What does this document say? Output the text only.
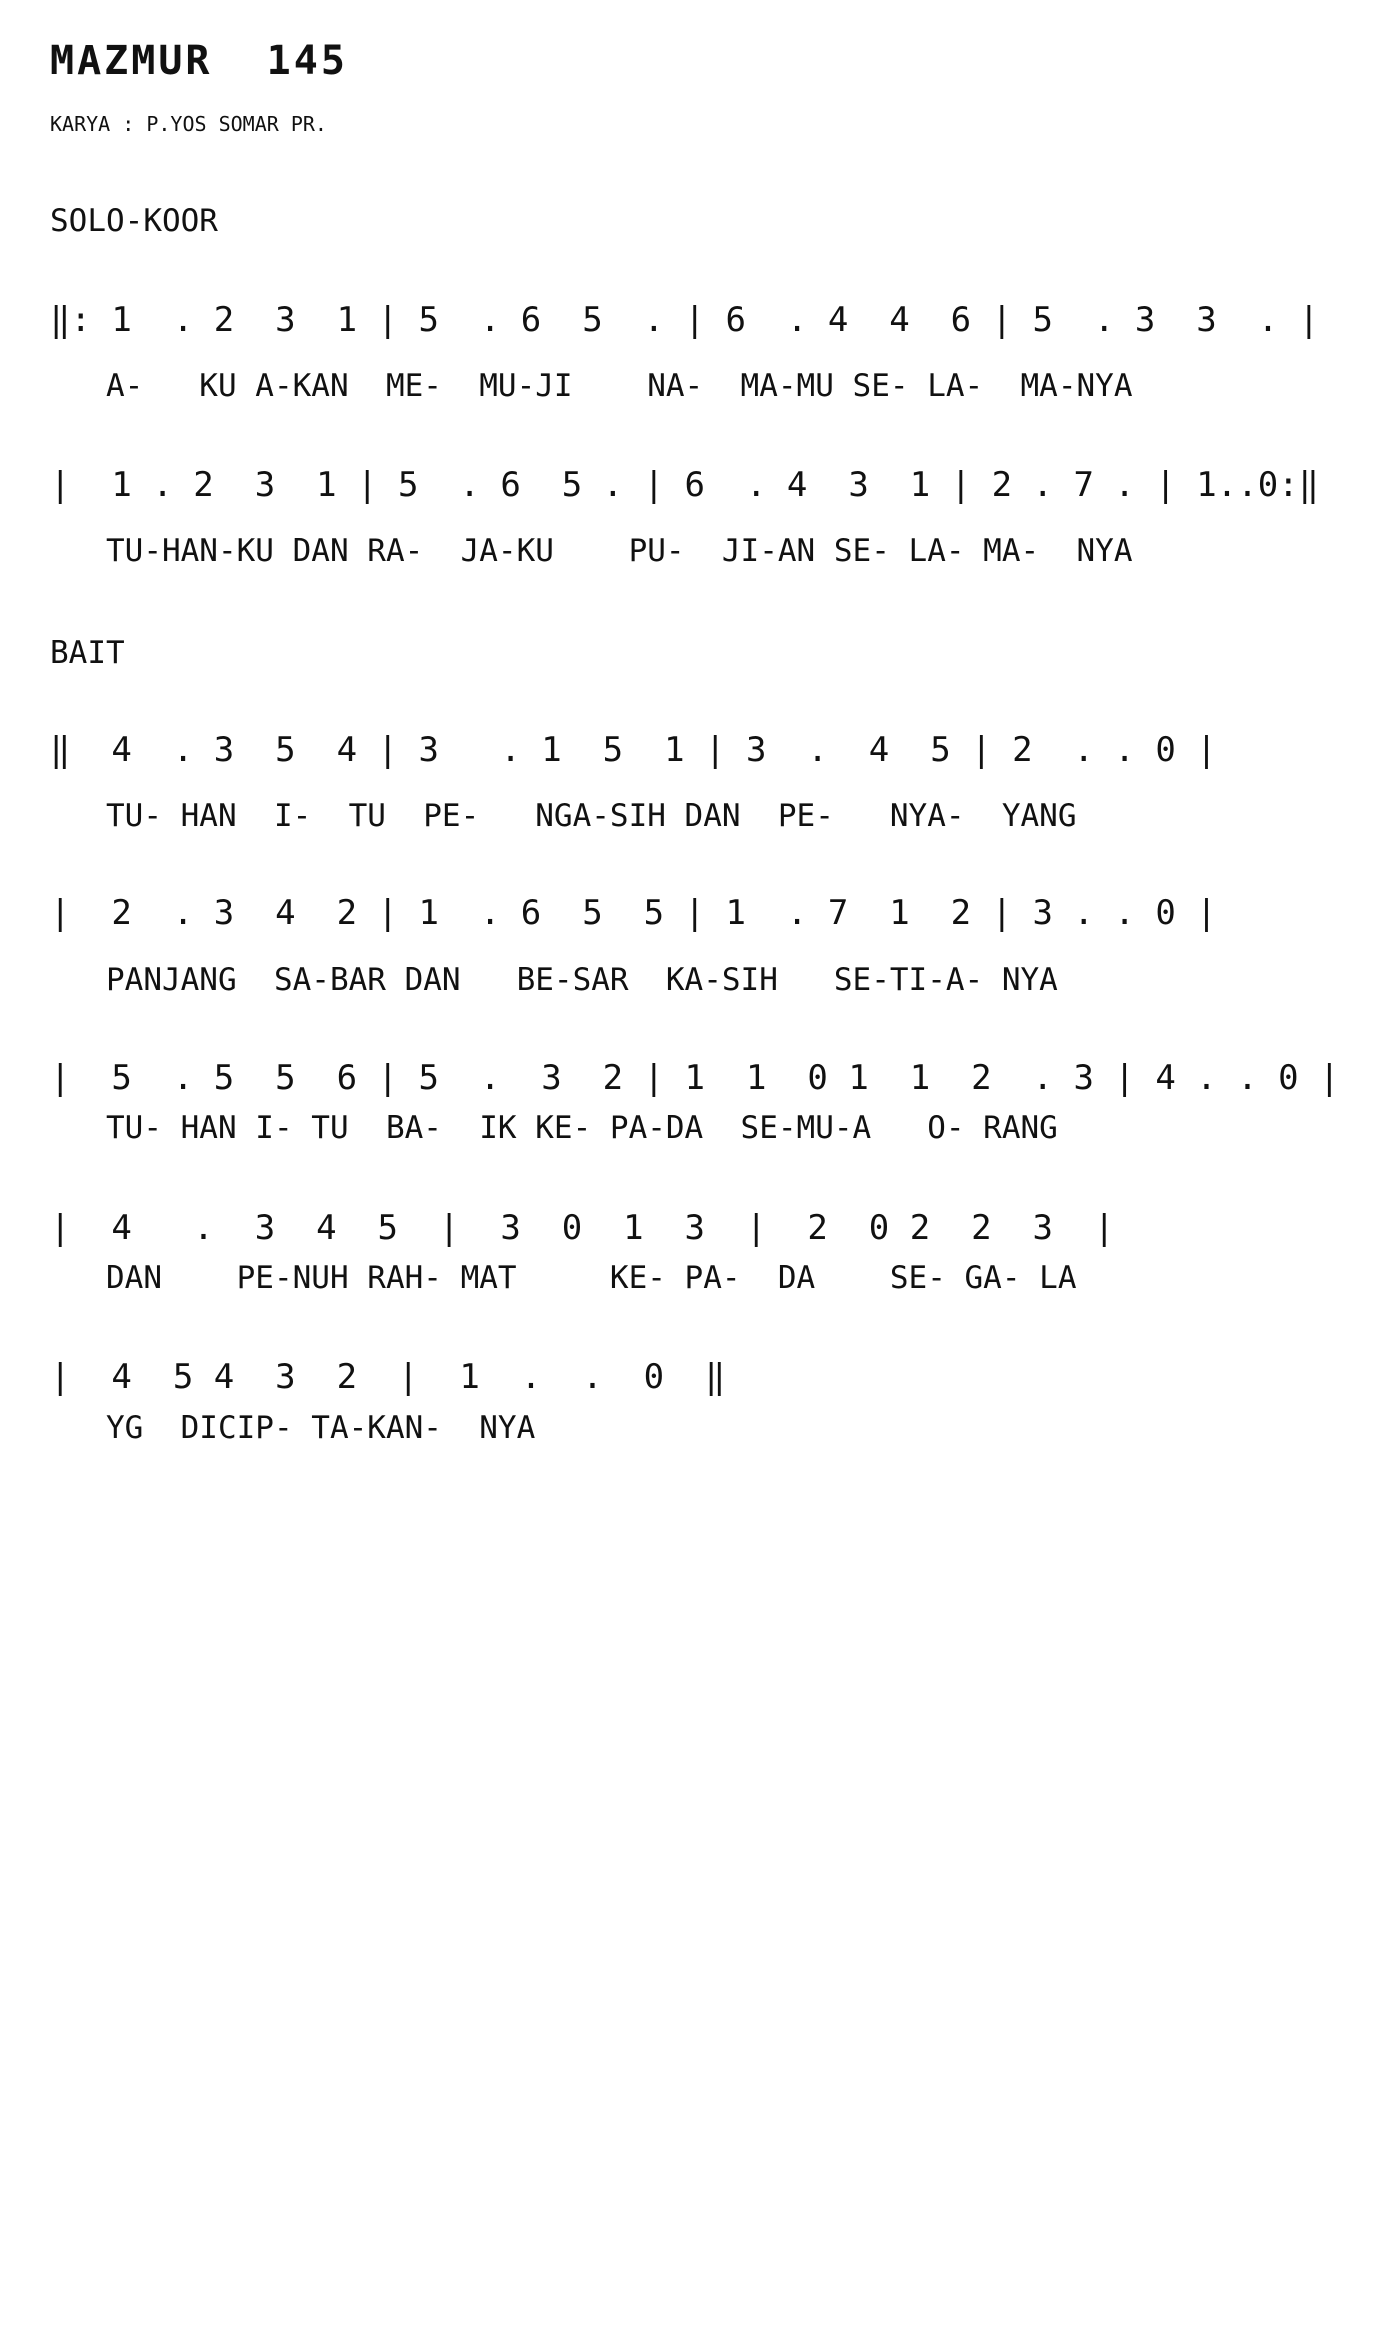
MAZMUR  145
KARYA : P.YOS SOMAR PR.
SOLO-KOOR
‖: 1  . 2  3  1 | 5  . 6  5  . | 6  . 4  4  6 | 5  . 3  3  . |
A-   KU A-KAN  ME-  MU-JI    NA-  MA-MU SE- LA-  MA-NYA
|  1 . 2  3  1 | 5  . 6  5 . | 6  . 4  3  1 | 2 . 7 . | 1..0:‖
TU-HAN-KU DAN RA-  JA-KU    PU-  JI-AN SE- LA- MA-  NYA
BAIT
‖  4  . 3  5  4 | 3   . 1  5  1 | 3  .  4  5 | 2  . . 0 |
TU- HAN  I-  TU  PE-   NGA-SIH DAN  PE-   NYA-  YANG
|  2  . 3  4  2 | 1  . 6  5  5 | 1  . 7  1  2 | 3 . . 0 |
PANJANG  SA-BAR DAN   BE-SAR  KA-SIH   SE-TI-A- NYA
|  5  . 5  5  6 | 5  .  3  2 | 1  1  0 1  1  2  . 3 | 4 . . 0 |
TU- HAN I- TU  BA-  IK KE- PA-DA  SE-MU-A   O- RANG
|  4   .  3  4  5  |  3  0  1  3  |  2  0 2  2  3  |
DAN    PE-NUH RAH- MAT     KE- PA-  DA    SE- GA- LA
|  4  5 4  3  2  |  1  .  .  0  ‖
YG  DICIP- TA-KAN-  NYA
